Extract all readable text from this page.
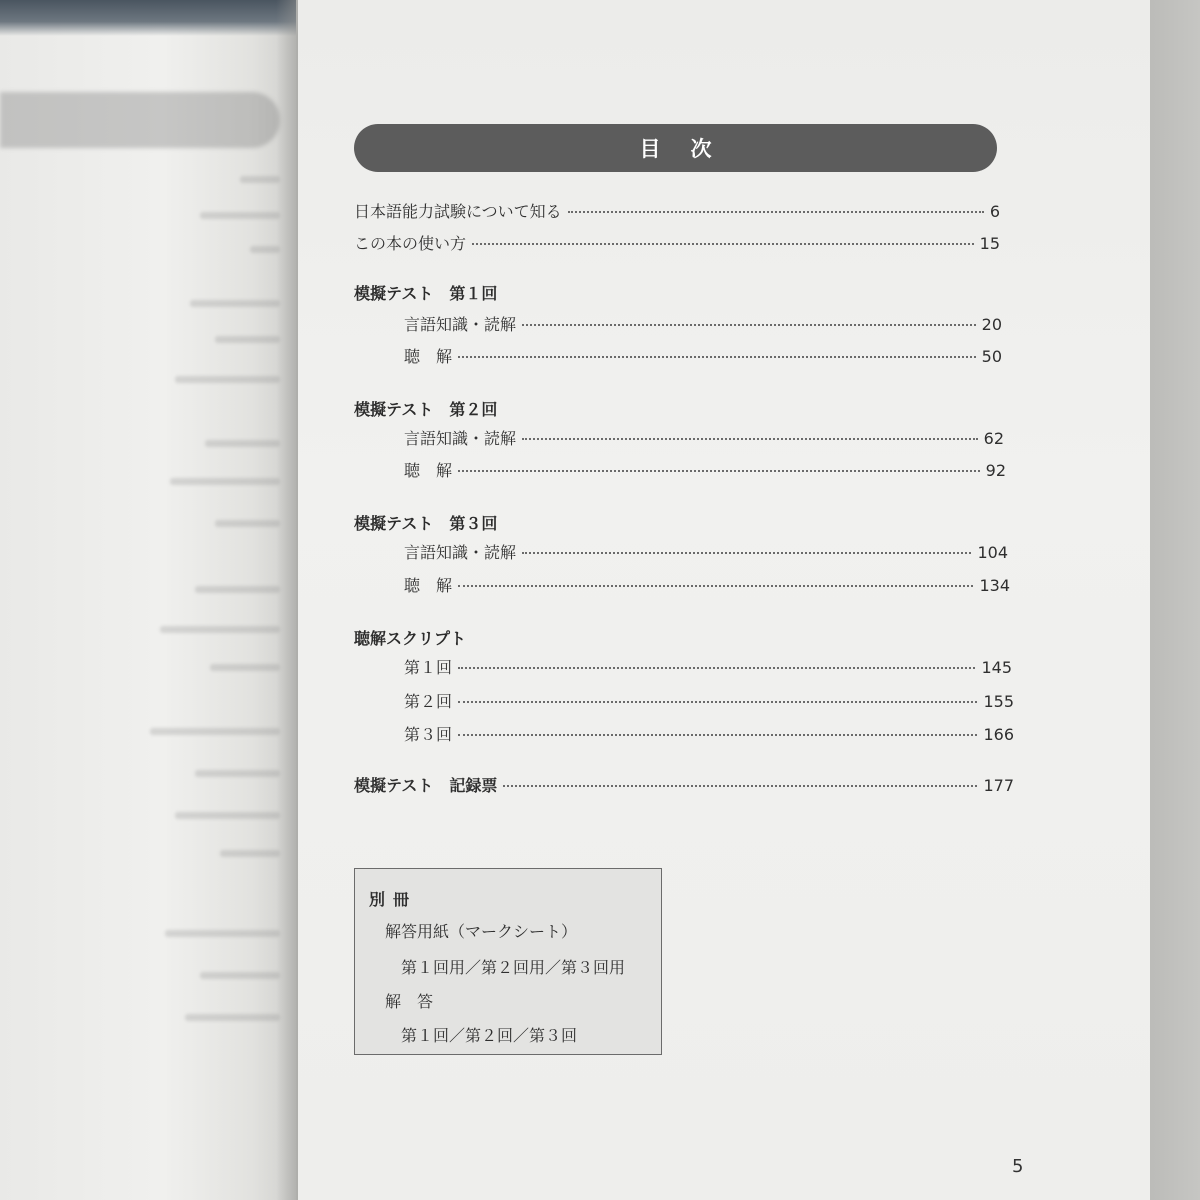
目次
日本語能力試験について知る	6
この本の使い方	15
模擬テスト　第１回
言語知識・読解	20
聴　解	50
模擬テスト　第２回
言語知識・読解	62
聴　解	92
模擬テスト　第３回
言語知識・読解	104
聴　解	134
聴解スクリプト
第１回	145
第２回	155
第３回	166
模擬テスト　記録票	177
別冊
解答用紙（マークシート）
第１回用／第２回用／第３回用
解　答
第１回／第２回／第３回
5
